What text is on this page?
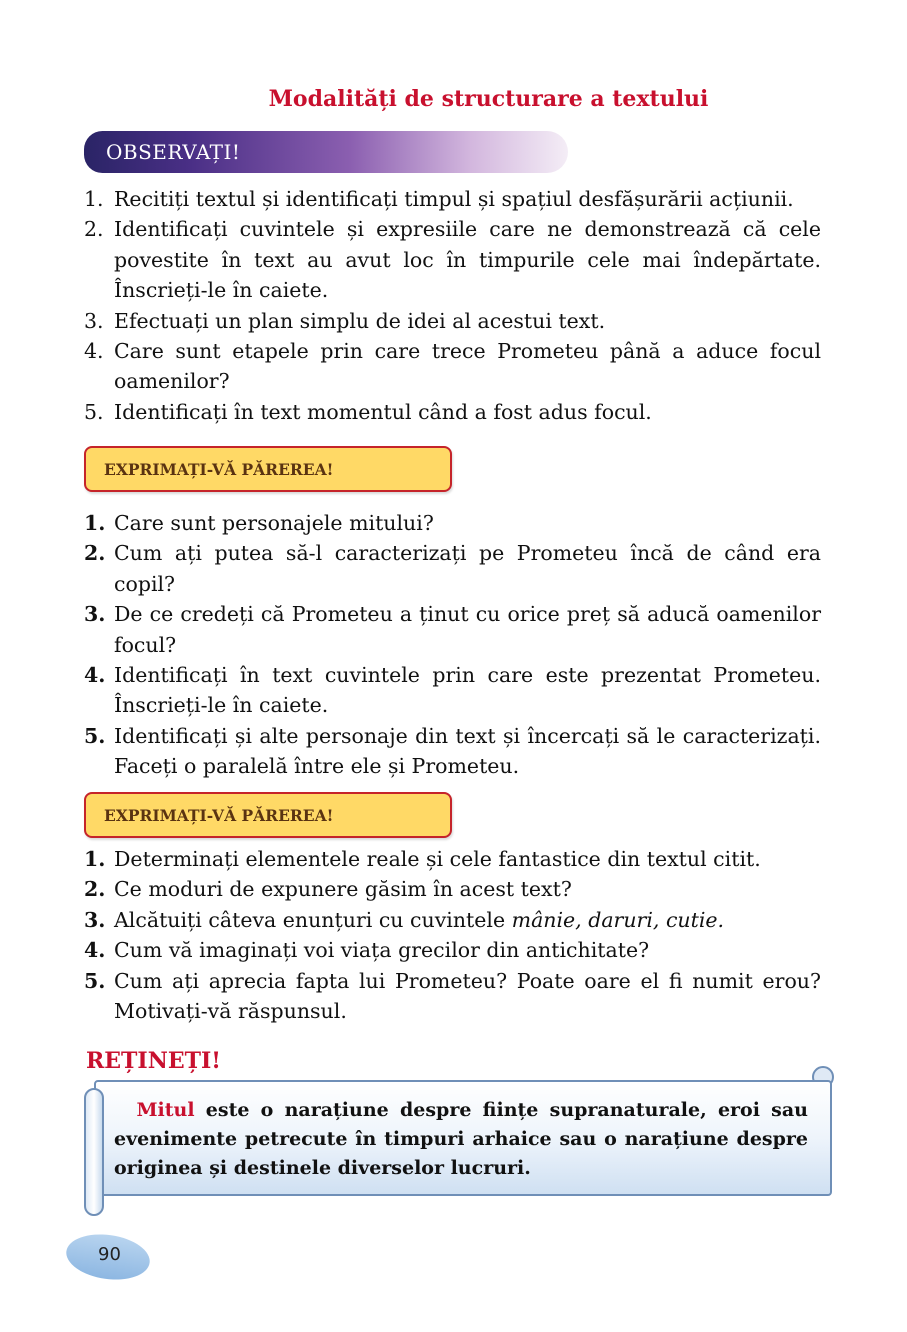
Modalități de structurare a textului
OBSERVAȚI!
1. Recitiți textul și identificați timpul și spațiul desfășurării acțiunii.
2. Identificați cuvintele și expresiile care ne demonstrează că cele povestite în text au avut loc în timpurile cele mai îndepărtate. Înscrieți-le în caiete.
3. Efectuați un plan simplu de idei al acestui text.
4. Care sunt etapele prin care trece Prometeu până a aduce focul oamenilor?
5. Identificați în text momentul când a fost adus focul.
EXPRIMAȚI-VĂ PĂREREA!
1. Care sunt personajele mitului?
2. Cum ați putea să-l caracterizați pe Prometeu încă de când era copil?
3. De ce credeți că Prometeu a ținut cu orice preț să aducă oamenilor focul?
4. Identificați în text cuvintele prin care este prezentat Prometeu. Înscrieți-le în caiete.
5. Identificați și alte personaje din text și încercați să le caracterizați. Faceți o paralelă între ele și Prometeu.
EXPRIMAȚI-VĂ PĂREREA!
1. Determinați elementele reale și cele fantastice din textul citit.
2. Ce moduri de expunere găsim în acest text?
3. Alcătuiți câteva enunțuri cu cuvintele mânie, daruri, cutie.
4. Cum vă imaginați voi viața grecilor din antichitate?
5. Cum ați aprecia fapta lui Prometeu? Poate oare el fi numit erou? Motivați-vă răspunsul.
REȚINEȚI!
Mitul este o narațiune despre ființe supranaturale, eroi sau evenimente petrecute în timpuri arhaice sau o narațiune despre originea și destinele diverselor lucruri.
90
